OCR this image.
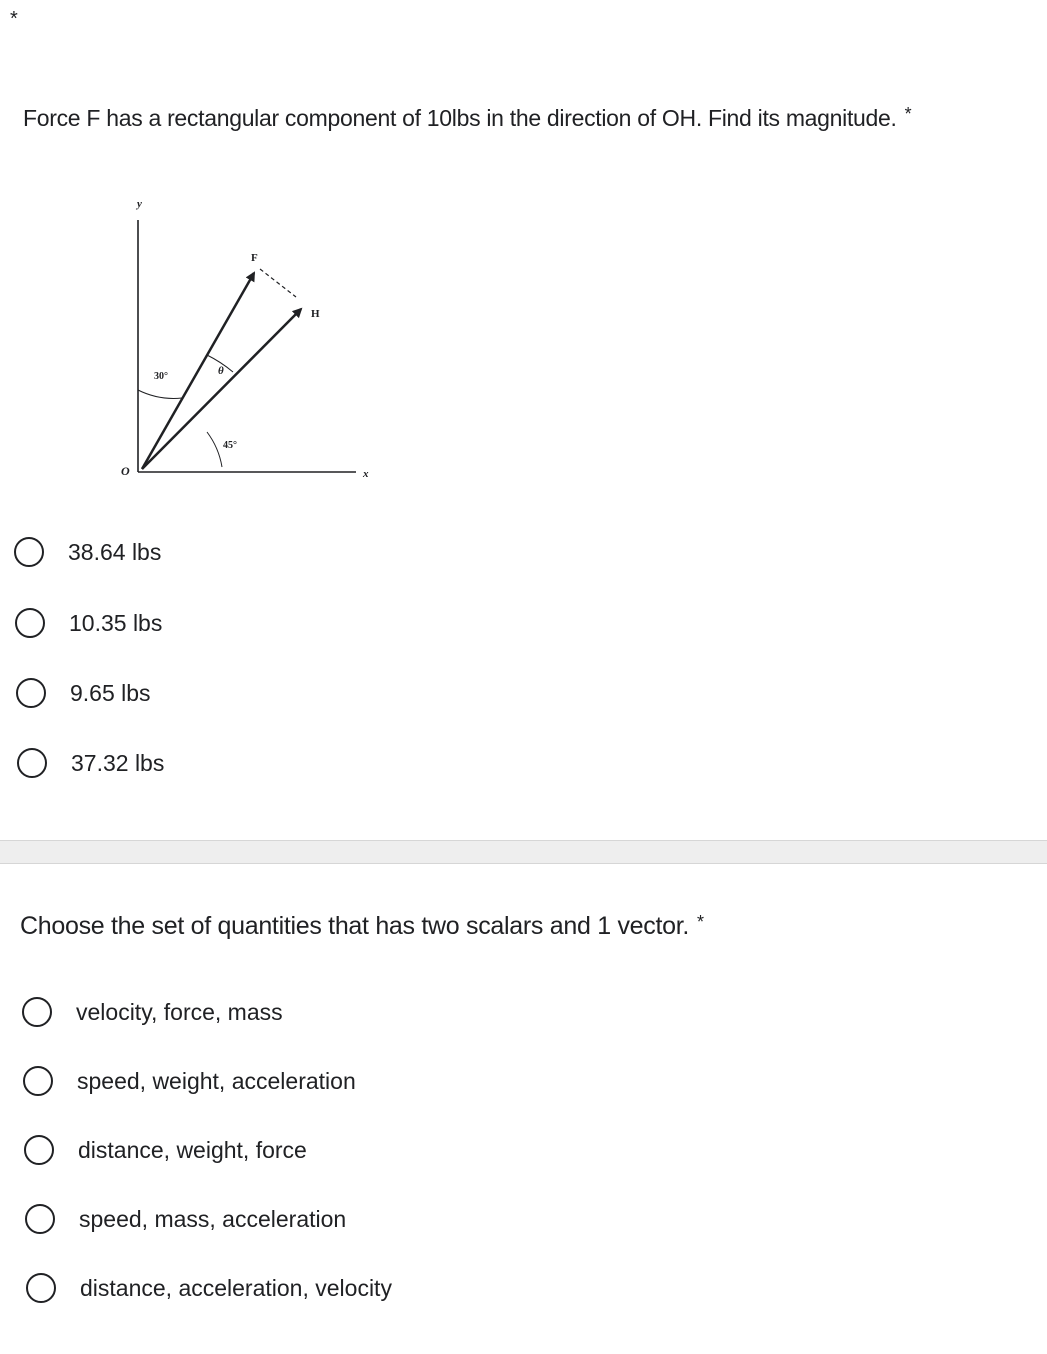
*
Force F has a rectangular component of 10lbs in the direction of OH. Find its magnitude. *
y
F
H
30°	θ
45°
O	x
38.64 lbs
10.35 lbs
9.65 lbs
37.32 lbs
Choose the set of quantities that has two scalars and 1 vector. *
velocity, force, mass
speed, weight, acceleration
distance, weight, force
speed, mass, acceleration
distance, acceleration, velocity
